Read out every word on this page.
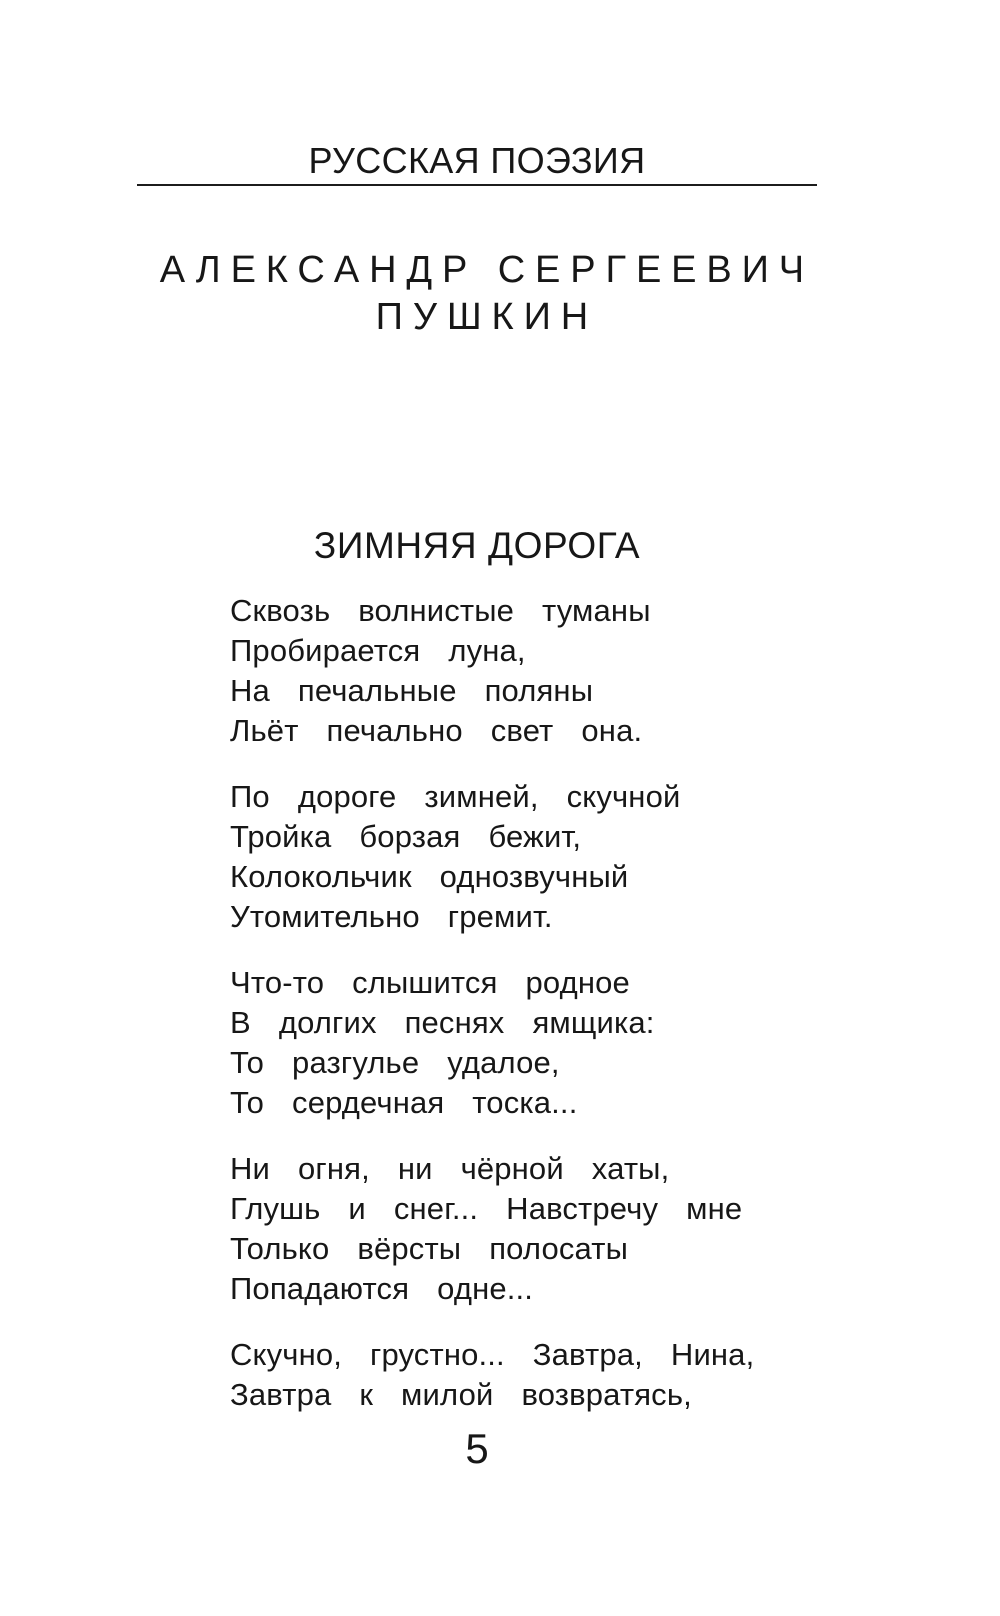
РУССКАЯ ПОЭЗИЯ
АЛЕКСАНДР СЕРГЕЕВИЧ
ПУШКИН
ЗИМНЯЯ ДОРОГА
Сквозь волнистые туманы
Пробирается луна,
На печальные поляны
Льёт печально свет она.
По дороге зимней, скучной
Тройка борзая бежит,
Колокольчик однозвучный
Утомительно гремит.
Что-то слышится родное
В долгих песнях ямщика:
То разгулье удалое,
То сердечная тоска...
Ни огня, ни чёрной хаты,
Глушь и снег... Навстречу мне
Только вёрсты полосаты
Попадаются одне...
Скучно, грустно... Завтра, Нина,
Завтра к милой возвратясь,
5
